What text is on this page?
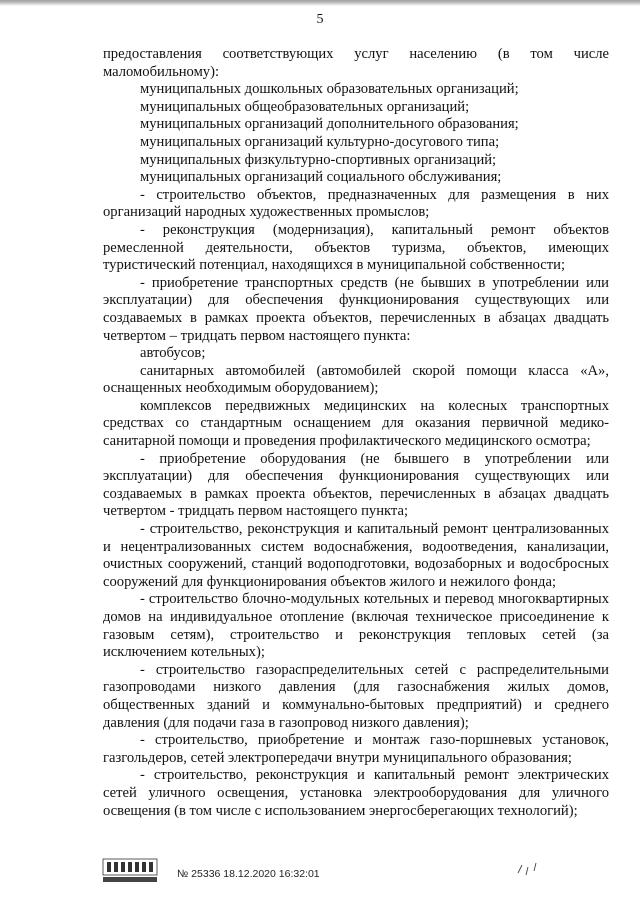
5

предоставления соответствующих услуг населению (в том числе маломобильному):

муниципальных дошкольных образовательных организаций;

муниципальных общеобразовательных организаций;

муниципальных организаций дополнительного образования;

муниципальных организаций культурно-досугового типа;

муниципальных физкультурно-спортивных организаций;

муниципальных организаций социального обслуживания;

- строительство объектов, предназначенных для размещения в них организаций народных художественных промыслов;

- реконструкция (модернизация), капитальный ремонт объектов ремесленной деятельности, объектов туризма, объектов, имеющих туристический потенциал, находящихся в муниципальной собственности;

- приобретение транспортных средств (не бывших в употреблении или эксплуатации) для обеспечения функционирования существующих или создаваемых в рамках проекта объектов, перечисленных в абзацах двадцать четвертом – тридцать первом настоящего пункта:

автобусов;

санитарных автомобилей (автомобилей скорой помощи класса «А», оснащенных необходимым оборудованием);

комплексов передвижных медицинских на колесных транспортных средствах со стандартным оснащением для оказания первичной медико-санитарной помощи и проведения профилактического медицинского осмотра;

- приобретение оборудования (не бывшего в употреблении или эксплуатации) для обеспечения функционирования существующих или создаваемых в рамках проекта объектов, перечисленных в абзацах двадцать четвертом - тридцать первом настоящего пункта;

- строительство, реконструкция и капитальный ремонт централизованных и нецентрализованных систем водоснабжения, водоотведения, канализации, очистных сооружений, станций водоподготовки, водозаборных и водосбросных сооружений для функционирования объектов жилого и нежилого фонда;

- строительство блочно-модульных котельных и перевод многоквартирных домов на индивидуальное отопление (включая техническое присоединение к газовым сетям), строительство и реконструкция тепловых сетей (за исключением котельных);

- строительство газораспределительных сетей с распределительными газопроводами низкого давления (для газоснабжения жилых домов, общественных зданий и коммунально-бытовых предприятий) и среднего давления (для подачи газа в газопровод низкого давления);

- строительство, приобретение и монтаж газо-поршневых установок, газгольдеров, сетей электропередачи внутри муниципального образования;

- строительство, реконструкция и капитальный ремонт электрических сетей уличного освещения, установка электрооборудования для уличного освещения (в том числе с использованием энергосберегающих технологий);

№ 25336 18.12.2020 16:32:01
